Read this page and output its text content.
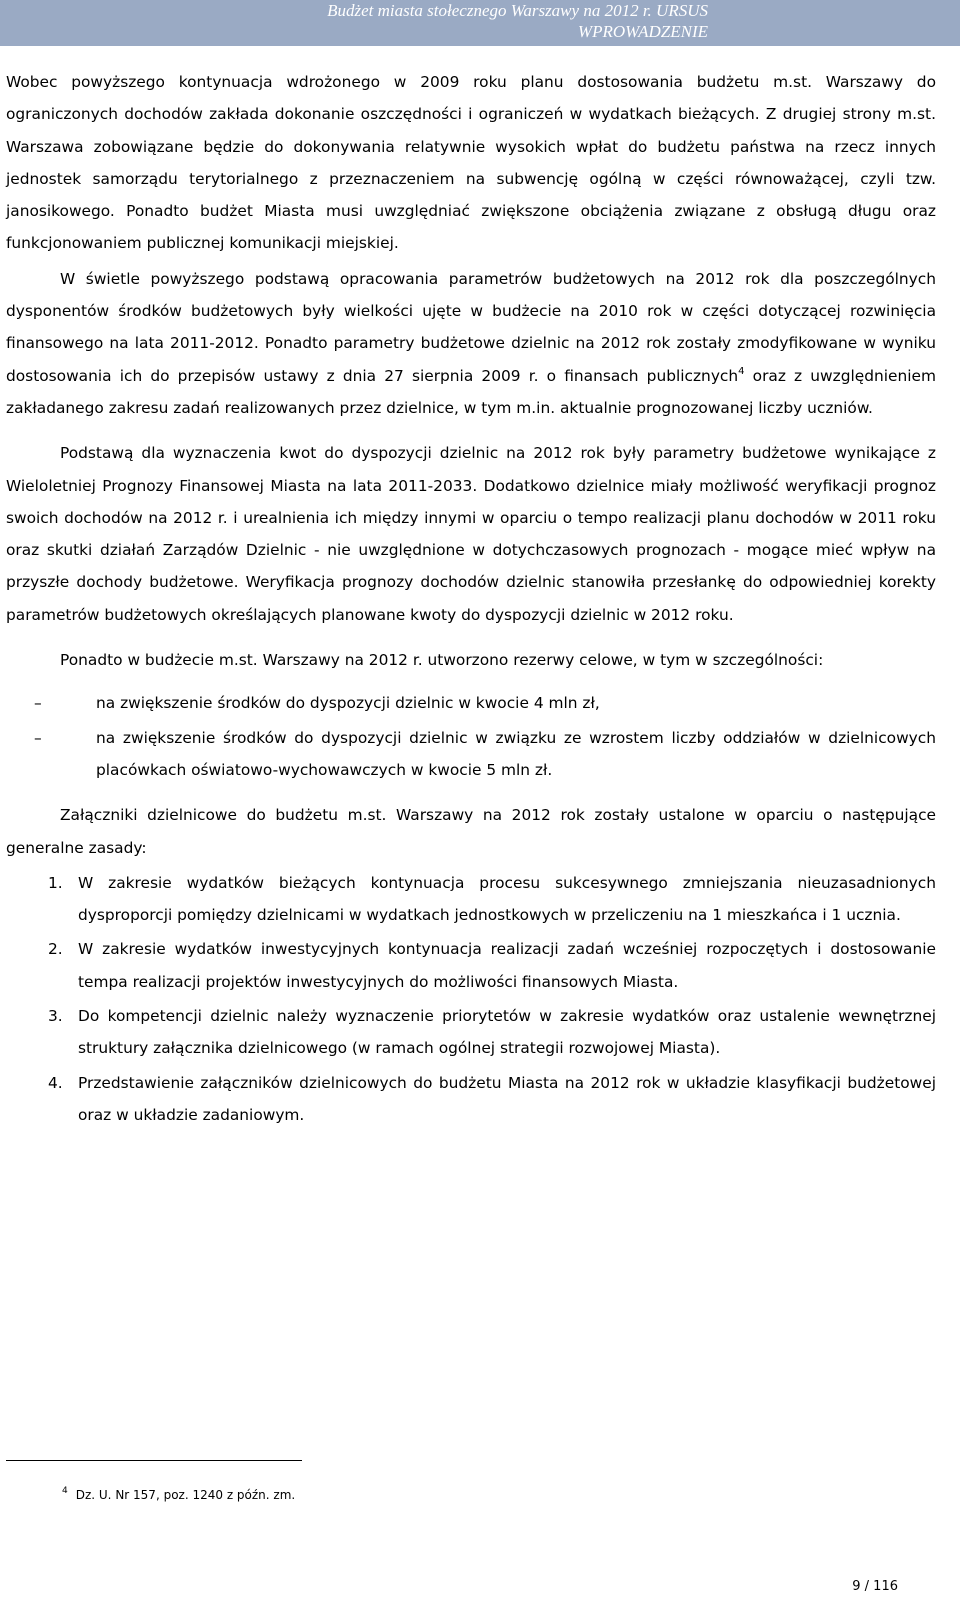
Budżet miasta stołecznego Warszawy na 2012 r. URSUS
WPROWADZENIE

Wobec powyższego kontynuacja wdrożonego w 2009 roku planu dostosowania budżetu m.st. Warszawy do ograniczonych dochodów zakłada dokonanie oszczędności i ograniczeń w wydatkach bieżących. Z drugiej strony m.st. Warszawa zobowiązane będzie do dokonywania relatywnie wysokich wpłat do budżetu państwa na rzecz innych jednostek samorządu terytorialnego z przeznaczeniem na subwencję ogólną w części równoważącej, czyli tzw. janosikowego. Ponadto budżet Miasta musi uwzględniać zwiększone obciążenia związane z obsługą długu oraz funkcjonowaniem publicznej komunikacji miejskiej.

W świetle powyższego podstawą opracowania parametrów budżetowych na 2012 rok dla poszczególnych dysponentów środków budżetowych były wielkości ujęte w budżecie na 2010 rok w części dotyczącej rozwinięcia finansowego na lata 2011-2012. Ponadto parametry budżetowe dzielnic na 2012 rok zostały zmodyfikowane w wyniku dostosowania ich do przepisów ustawy z dnia 27 sierpnia 2009 r. o finansach publicznych$^4$ oraz z uwzględnieniem zakładanego zakresu zadań realizowanych przez dzielnice, w tym m.in. aktualnie prognozowanej liczby uczniów.

Podstawą dla wyznaczenia kwot do dyspozycji dzielnic na 2012 rok były parametry budżetowe wynikające z Wieloletniej Prognozy Finansowej Miasta na lata 2011-2033. Dodatkowo dzielnice miały możliwość weryfikacji prognoz swoich dochodów na 2012 r. i urealnienia ich między innymi w oparciu o tempo realizacji planu dochodów w 2011 roku oraz skutki działań Zarządów Dzielnic - nie uwzględnione w dotychczasowych prognozach - mogące mieć wpływ na przyszłe dochody budżetowe. Weryfikacja prognozy dochodów dzielnic stanowiła przesłankę do odpowiedniej korekty parametrów budżetowych określających planowane kwoty do dyspozycji dzielnic w 2012 roku.

Ponadto w budżecie m.st. Warszawy na 2012 r. utworzono rezerwy celowe, w tym w szczególności:

–	na zwiększenie środków do dyspozycji dzielnic w kwocie 4 mln zł,
–	na zwiększenie środków do dyspozycji dzielnic w związku ze wzrostem liczby oddziałów w dzielnicowych placówkach oświatowo-wychowawczych w kwocie 5 mln zł.

Załączniki dzielnicowe do budżetu m.st. Warszawy na 2012 rok zostały ustalone w oparciu o następujące generalne zasady:

1. W zakresie wydatków bieżących kontynuacja procesu sukcesywnego zmniejszania nieuzasadnionych dysproporcji pomiędzy dzielnicami w wydatkach jednostkowych w przeliczeniu na 1 mieszkańca i 1 ucznia.
2. W zakresie wydatków inwestycyjnych kontynuacja realizacji zadań wcześniej rozpoczętych i dostosowanie tempa realizacji projektów inwestycyjnych do możliwości finansowych Miasta.
3. Do kompetencji dzielnic należy wyznaczenie priorytetów w zakresie wydatków oraz ustalenie wewnętrznej struktury załącznika dzielnicowego (w ramach ogólnej strategii rozwojowej Miasta).
4. Przedstawienie załączników dzielnicowych do budżetu Miasta na 2012 rok w układzie klasyfikacji budżetowej oraz w układzie zadaniowym.
$^4$ Dz. U. Nr 157, poz. 1240 z późn. zm.
9 / 116
